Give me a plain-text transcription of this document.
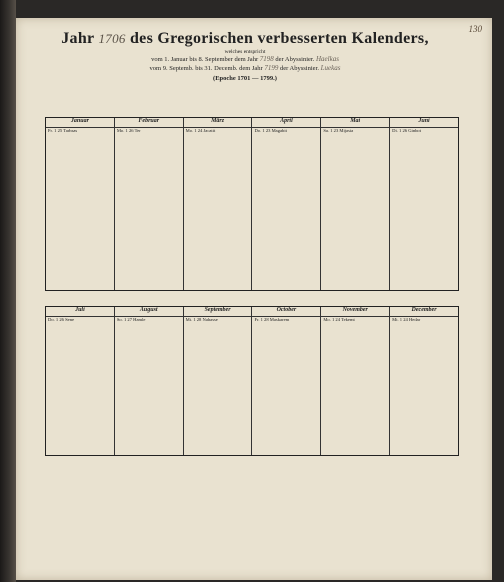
130
Jahr 1706 des Gregorischen verbesserten Kalenders,
welches entspricht
vom 1. Januar bis 8. September dem Jahr 7198 der Abyssinier. Haelkas
vom 9. Septemb. bis 31. Decemb. dem Jahr 7199 der Abyssinier. Luekas
(Epoche 1701 — 1799.)
Januar
Fr. 1 25 Tarhsas
Februar
Mo. 1 26 Ter
März
Mo. 1 24 Jacatit
April
Do. 1 23 Magabit
Mai
Sa. 1 23 Mijasia
Juni
Di. 1 26 Ginbot
Juli
Do. 1 26 Sene
August
So. 1 27 Hamle
September
Mi. 1 28 Nahasse
October
Fr. 1 28 Maskarem
November
Mo. 1 24 Tekemt
December
Mi. 1 24 Hedar
